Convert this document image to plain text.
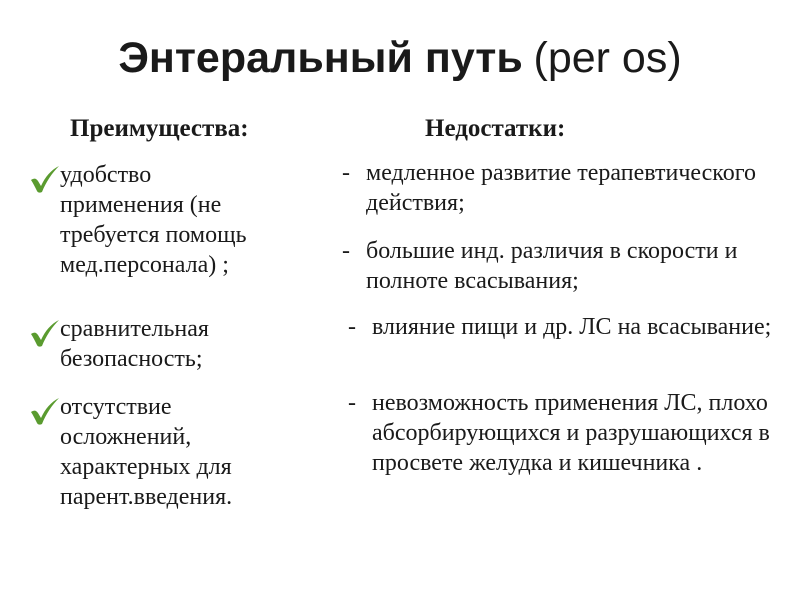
Энтеральный путь (per os)
Преимущества:	Недостатки:

удобство
применения (не
требуется помощь
мед.персонала) ;

сравнительная
безопасность;

отсутствие
осложнений,
характерных для
парент.введения.

- медленное развитие терапевтического действия;
- большие инд. различия в скорости и полноте всасывания;
- влияние пищи и др. ЛС на всасывание;
- невозможность применения ЛС, плохо абсорбирующихся и разрушающихся в просвете желудка и кишечника .
